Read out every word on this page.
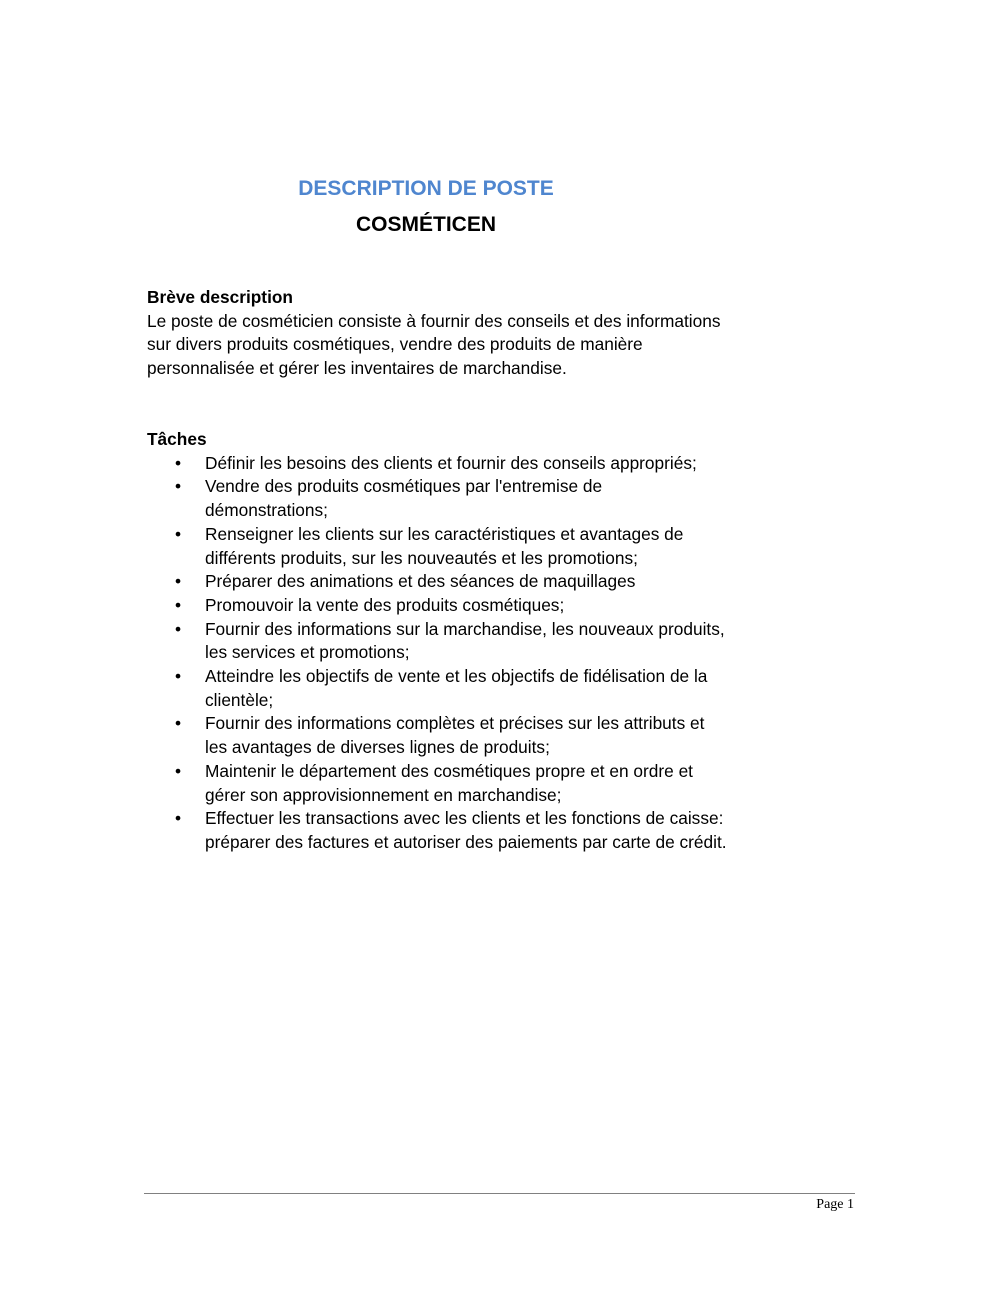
DESCRIPTION DE POSTE
COSMÉTICEN
Brève description
Le poste de cosméticien consiste à fournir des conseils et des informations sur divers produits cosmétiques, vendre des produits de manière personnalisée et gérer les inventaires de marchandise.
Tâches
• Définir les besoins des clients et fournir des conseils appropriés;
• Vendre des produits cosmétiques par l'entremise de démonstrations;
• Renseigner les clients sur les caractéristiques et avantages de différents produits, sur les nouveautés et les promotions;
• Préparer des animations et des séances de maquillages
• Promouvoir la vente des produits cosmétiques;
• Fournir des informations sur la marchandise, les nouveaux produits, les services et promotions;
• Atteindre les objectifs de vente et les objectifs de fidélisation de la clientèle;
• Fournir des informations complètes et précises sur les attributs et les avantages de diverses lignes de produits;
• Maintenir le département des cosmétiques propre et en ordre et gérer son approvisionnement en marchandise;
• Effectuer les transactions avec les clients et les fonctions de caisse: préparer des factures et autoriser des paiements par carte de crédit.
Page 1
